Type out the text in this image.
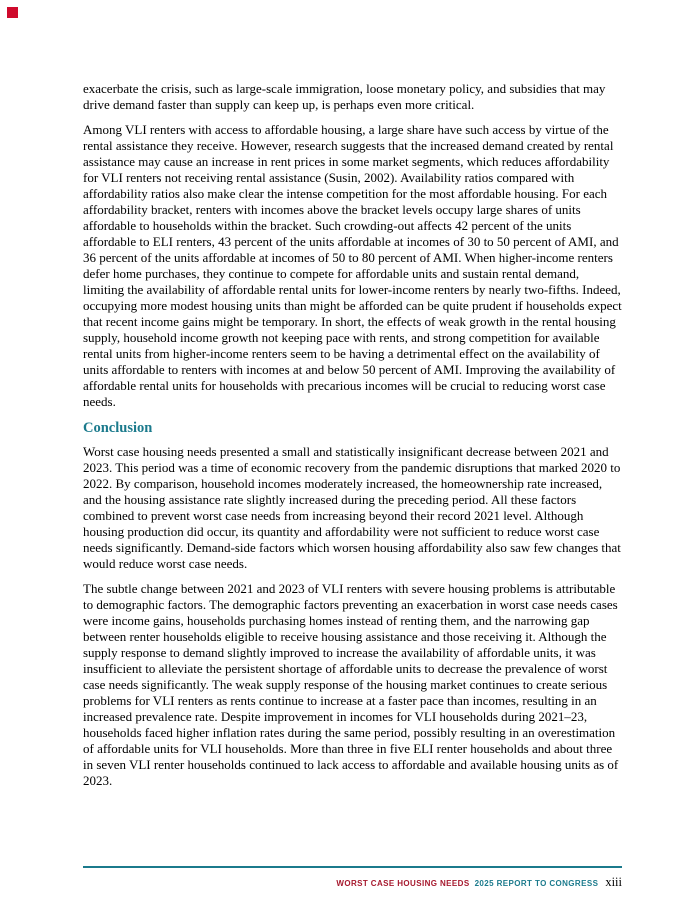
exacerbate the crisis, such as large-scale immigration, loose monetary policy, and subsidies that may drive demand faster than supply can keep up, is perhaps even more critical.

Among VLI renters with access to affordable housing, a large share have such access by virtue of the rental assistance they receive. However, research suggests that the increased demand created by rental assistance may cause an increase in rent prices in some market segments, which reduces affordability for VLI renters not receiving rental assistance (Susin, 2002). Availability ratios compared with affordability ratios also make clear the intense competition for the most affordable housing. For each affordability bracket, renters with incomes above the bracket levels occupy large shares of units affordable to households within the bracket. Such crowding-out affects 42 percent of the units affordable to ELI renters, 43 percent of the units affordable at incomes of 30 to 50 percent of AMI, and 36 percent of the units affordable at incomes of 50 to 80 percent of AMI. When higher-income renters defer home purchases, they continue to compete for affordable units and sustain rental demand, limiting the availability of affordable rental units for lower-income renters by nearly two-fifths. Indeed, occupying more modest housing units than might be afforded can be quite prudent if households expect that recent income gains might be temporary. In short, the effects of weak growth in the rental housing supply, household income growth not keeping pace with rents, and strong competition for available rental units from higher-income renters seem to be having a detrimental effect on the availability of units affordable to renters with incomes at and below 50 percent of AMI. Improving the availability of affordable rental units for households with precarious incomes will be crucial to reducing worst case needs.

Conclusion

Worst case housing needs presented a small and statistically insignificant decrease between 2021 and 2023. This period was a time of economic recovery from the pandemic disruptions that marked 2020 to 2022. By comparison, household incomes moderately increased, the homeownership rate increased, and the housing assistance rate slightly increased during the preceding period. All these factors combined to prevent worst case needs from increasing beyond their record 2021 level. Although housing production did occur, its quantity and affordability were not sufficient to reduce worst case needs significantly. Demand-side factors which worsen housing affordability also saw few changes that would reduce worst case needs.

The subtle change between 2021 and 2023 of VLI renters with severe housing problems is attributable to demographic factors. The demographic factors preventing an exacerbation in worst case needs cases were income gains, households purchasing homes instead of renting them, and the narrowing gap between renter households eligible to receive housing assistance and those receiving it. Although the supply response to demand slightly improved to increase the availability of affordable units, it was insufficient to alleviate the persistent shortage of affordable units to decrease the prevalence of worst case needs significantly. The weak supply response of the housing market continues to create serious problems for VLI renters as rents continue to increase at a faster pace than incomes, resulting in an increased prevalence rate. Despite improvement in incomes for VLI households during 2021–23, households faced higher inflation rates during the same period, possibly resulting in an overestimation of affordable units for VLI households. More than three in five ELI renter households and about three in seven VLI renter households continued to lack access to affordable and available housing units as of 2023.

WORST CASE HOUSING NEEDS 2025 REPORT TO CONGRESS xiii
